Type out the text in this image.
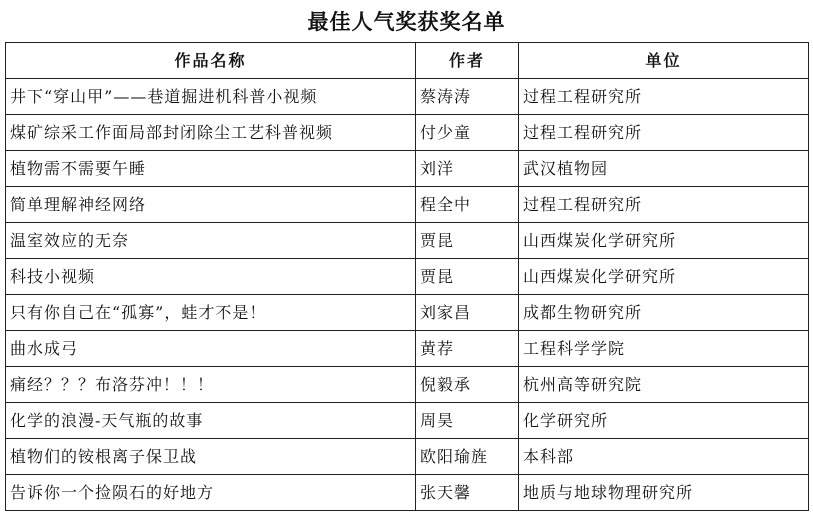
最佳人气奖获奖名单
作品名称	作者	单位
井下“穿山甲”——巷道掘进机科普小视频	蔡涛涛	过程工程研究所
煤矿综采工作面局部封闭除尘工艺科普视频	付少童	过程工程研究所
植物需不需要午睡	刘洋	武汉植物园
简单理解神经网络	程全中	过程工程研究所
温室效应的无奈	贾昆	山西煤炭化学研究所
科技小视频	贾昆	山西煤炭化学研究所
只有你自己在“孤寡”，蛙才不是！	刘家昌	成都生物研究所
曲水成弓	黄荐	工程科学学院
痛经？？？布洛芬冲！！！	倪毅承	杭州高等研究院
化学的浪漫-天气瓶的故事	周昊	化学研究所
植物们的铵根离子保卫战	欧阳瑜旌	本科部
告诉你一个捡陨石的好地方	张天馨	地质与地球物理研究所
